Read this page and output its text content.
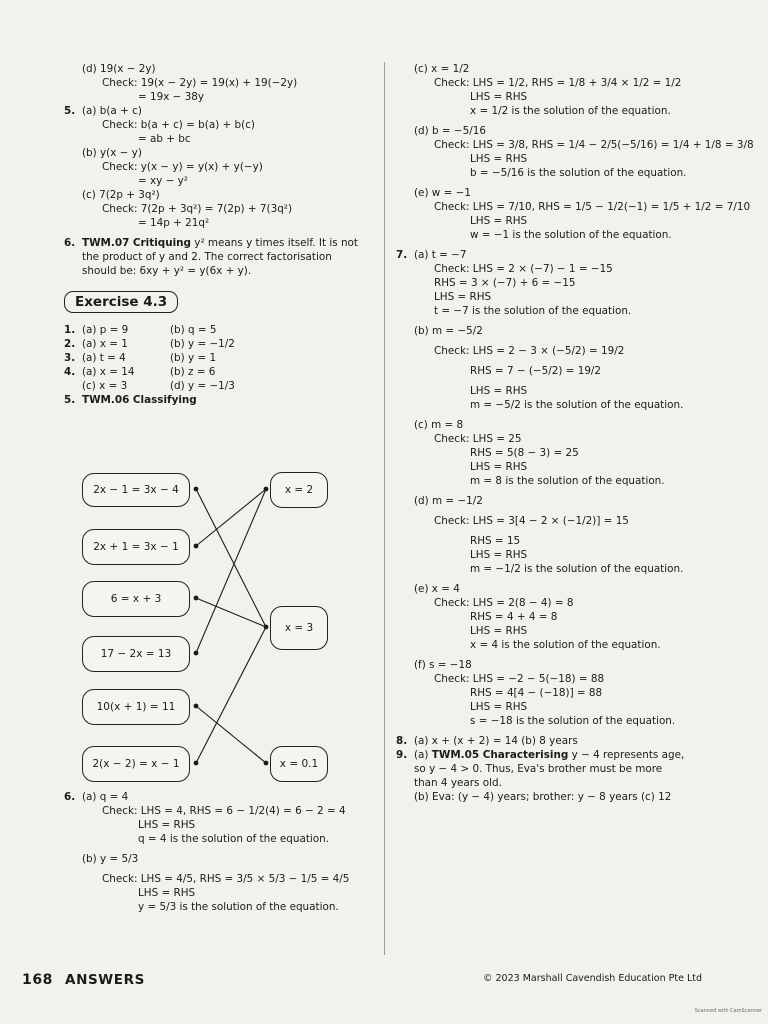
(d) 19(x − 2y)
Check: 19(x − 2y) = 19(x) + 19(−2y)
= 19x − 38y
5. (a) b(a + c)
Check: b(a + c) = b(a) + b(c)
= ab + bc
(b) y(x − y)
Check: y(x − y) = y(x) + y(−y)
= xy − y²
(c) 7(2p + 3q²)
Check: 7(2p + 3q²) = 7(2p) + 7(3q²)
= 14p + 21q²
6. TWM.07 Critiquing y² means y times itself. It is not
the product of y and 2. The correct factorisation
should be: 6xy + y² = y(6x + y).
Exercise 4.3
1. (a) p = 9	(b) q = 5
2. (a) x = 1	(b) y = −1/2
3. (a) t = 4	(b) y = 1
4. (a) x = 14	(b) z = 6
(c) x = 3	(d) y = −1/3
5. TWM.06 Classifying
2x − 1 = 3x − 4
2x + 1 = 3x − 1
6 = x + 3
17 − 2x = 13
10(x + 1) = 11
2(x − 2) = x − 1
x = 2
x = 3
x = 0.1
6. (a) q = 4
Check: LHS = 4, RHS = 6 − 1/2(4) = 6 − 2 = 4
LHS = RHS
q = 4 is the solution of the equation.
(b) y = 5/3
Check: LHS = 4/5, RHS = 3/5 × 5/3 − 1/5 = 4/5
LHS = RHS
y = 5/3 is the solution of the equation.
(c) x = 1/2
Check: LHS = 1/2, RHS = 1/8 + 3/4 × 1/2 = 1/2
LHS = RHS
x = 1/2 is the solution of the equation.
(d) b = −5/16
Check: LHS = 3/8, RHS = 1/4 − 2/5(−5/16) = 1/4 + 1/8 = 3/8
LHS = RHS
b = −5/16 is the solution of the equation.
(e) w = −1
Check: LHS = 7/10, RHS = 1/5 − 1/2(−1) = 1/5 + 1/2 = 7/10
LHS = RHS
w = −1 is the solution of the equation.
7. (a) t = −7
Check: LHS = 2 × (−7) − 1 = −15
RHS = 3 × (−7) + 6 = −15
LHS = RHS
t = −7 is the solution of the equation.
(b) m = −5/2
Check: LHS = 2 − 3 × (−5/2) = 19/2
RHS = 7 − (−5/2) = 19/2
LHS = RHS
m = −5/2 is the solution of the equation.
(c) m = 8
Check: LHS = 25
RHS = 5(8 − 3) = 25
LHS = RHS
m = 8 is the solution of the equation.
(d) m = −1/2
Check: LHS = 3[4 − 2 × (−1/2)] = 15
RHS = 15
LHS = RHS
m = −1/2 is the solution of the equation.
(e) x = 4
Check: LHS = 2(8 − 4) = 8
RHS = 4 + 4 = 8
LHS = RHS
x = 4 is the solution of the equation.
(f) s = −18
Check: LHS = −2 − 5(−18) = 88
RHS = 4[4 − (−18)] = 88
LHS = RHS
s = −18 is the solution of the equation.
8. (a) x + (x + 2) = 14 (b) 8 years
9. (a) TWM.05 Characterising y − 4 represents age,
so y − 4 > 0. Thus, Eva's brother must be more
than 4 years old.
(b) Eva: (y − 4) years; brother: y − 8 years (c) 12
168 ANSWERS	© 2023 Marshall Cavendish Education Pte Ltd
Scanned with CamScanner
